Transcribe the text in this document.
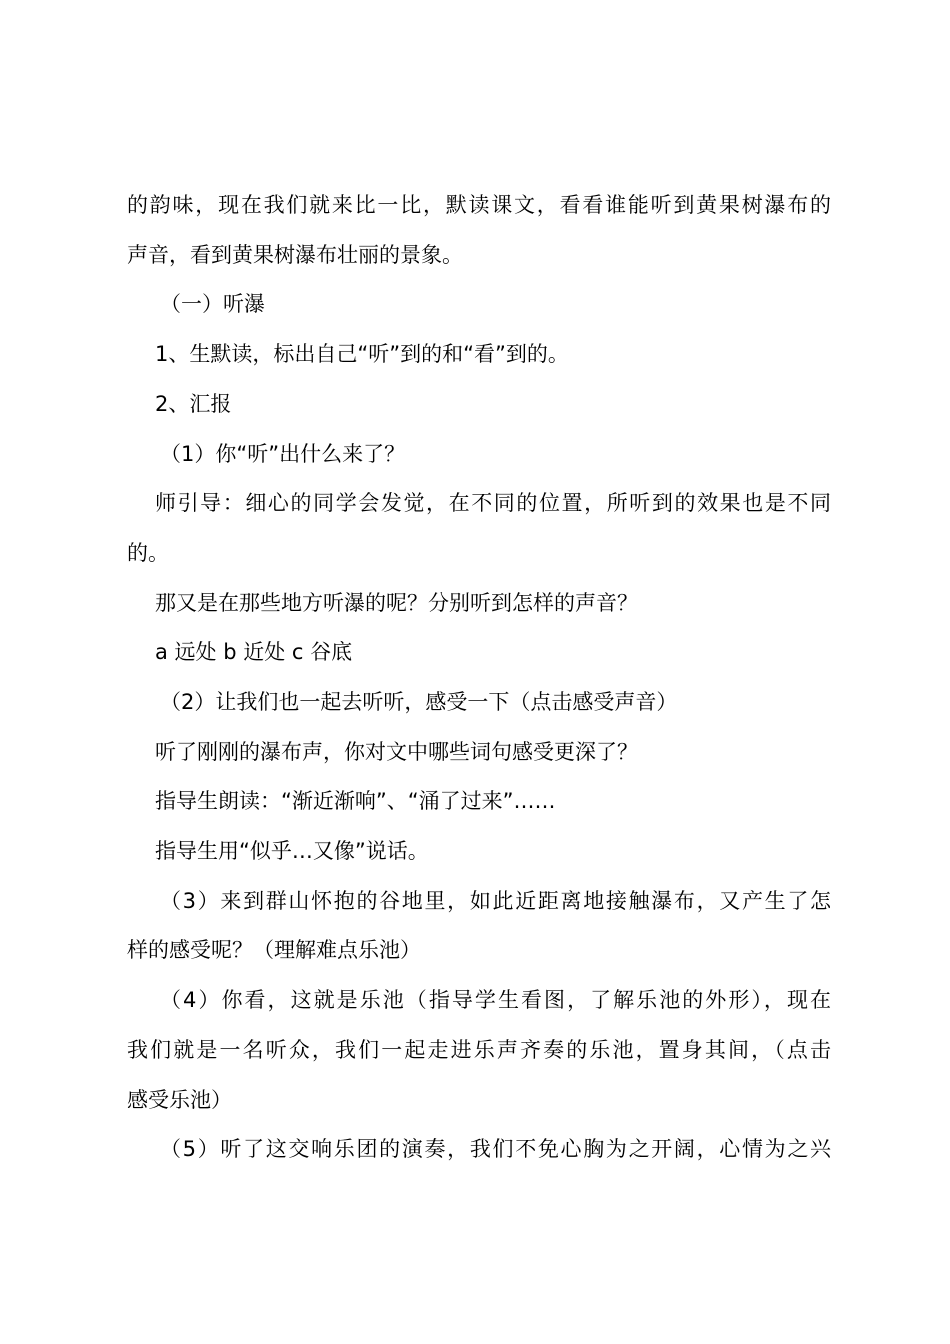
的韵味，现在我们就来比一比，默读课文，看看谁能听到黄果树瀑布的
声音，看到黄果树瀑布壮丽的景象。
（一）听瀑
1、生默读，标出自己“听”到的和“看”到的。
2、汇报
（1）你“听”出什么来了？
师引导：细心的同学会发觉，在不同的位置，所听到的效果也是不同
的。
那又是在那些地方听瀑的呢？分别听到怎样的声音？
a 远处 b 近处 c 谷底
（2）让我们也一起去听听，感受一下（点击感受声音）
听了刚刚的瀑布声，你对文中哪些词句感受更深了？
指导生朗读：“渐近渐响”、“涌了过来”……
指导生用“似乎…又像”说话。
（3）来到群山怀抱的谷地里，如此近距离地接触瀑布，又产生了怎
样的感受呢？（理解难点乐池）
（4）你看，这就是乐池（指导学生看图，了解乐池的外形），现在
我们就是一名听众，我们一起走进乐声齐奏的乐池，置身其间，（点击
感受乐池）
（5）听了这交响乐团的演奏，我们不免心胸为之开阔，心情为之兴
